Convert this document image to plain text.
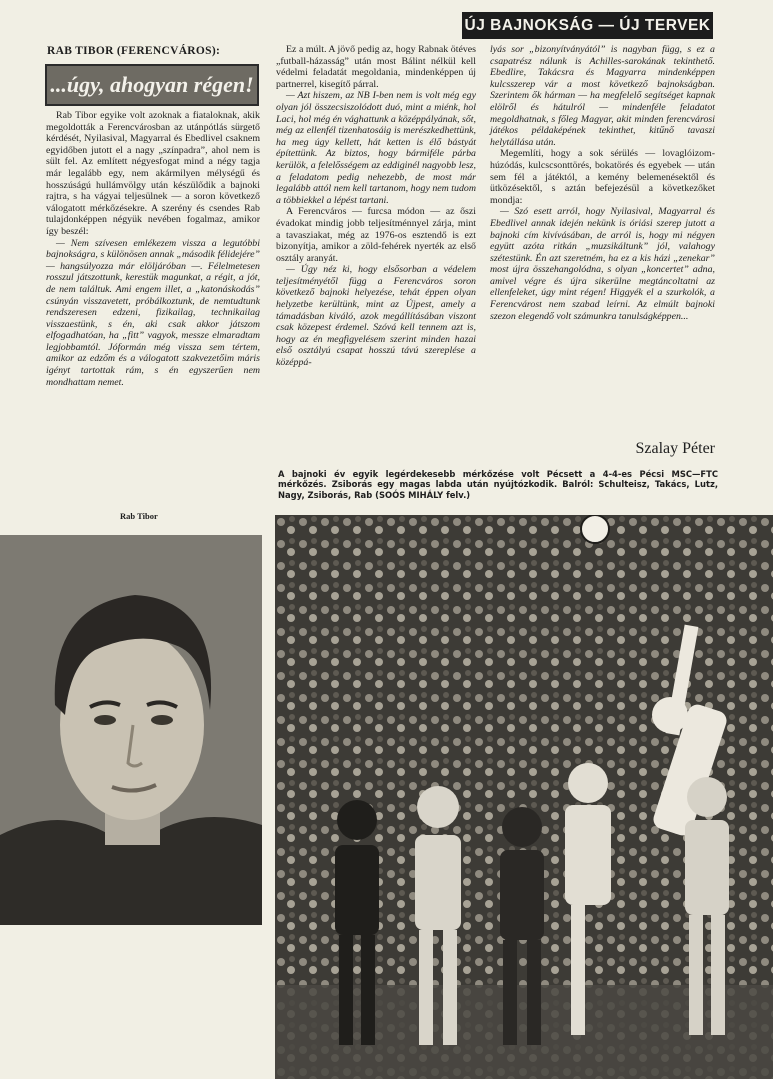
ÚJ BAJNOKSÁG — ÚJ TERVEK
RAB TIBOR (FERENCVÁROS):
...úgy, ahogyan régen!

Rab Tibor egyike volt azoknak a fiataloknak, akik megoldották a Ferencvárosban az utánpótlás sürgető kérdését, Nyilasival, Magyarral és Ebedlivel csaknem egyidőben jutott el a nagy „színpadra”, ahol nem is sült fel. Az említett négyesfogat mind a négy tagja már legalább egy, nem akármilyen mélységű és hosszúságú hullámvölgy után készülődik a bajnoki rajtra, s ha vágyai teljesülnek — a soron következő válogatott mérkőzésekre. A szerény és csendes Rab tulajdonképpen négyük nevében fogalmaz, amikor így beszél:

— Nem szívesen emlékezem vissza a legutóbbi bajnokságra, s különösen annak „második félidejére” — hangsúlyozza már elöljáróban —. Félelmetesen rosszul játszottunk, kerestük magunkat, a régit, a jót, de nem találtuk. Ami engem illet, a „katonáskodás” csúnyán visszavetett, próbálkoztunk, de nemtudtunk rendszeresen edzeni, fizikailag, technikailag visszaestünk, s én, aki csak akkor játszom elfogadhatóan, ha „fitt” vagyok, messze elmaradtam legjobbamtól. Jóformán még vissza sem tértem, amikor az edzőm és a válogatott szakvezetőim máris igényt tartottak rám, s én egyszerűen nem mondhattam nemet.

Ez a múlt. A jövő pedig az, hogy Rabnak ötéves „futball-házasság” után most Bálint nélkül kell védelmi feladatát megoldania, mindenképpen új partnerrel, kisegítő párral.

— Azt hiszem, az NB I-ben nem is volt még egy olyan jól összecsiszolódott duó, mint a miénk, hol Laci, hol még én vághattunk a középpályának, sőt, még az ellenfél tizenhatosáig is merészkedhettünk, ha meg úgy kellett, hát ketten is élő bástyát építettünk. Az biztos, hogy bármiféle párba kerülök, a felelősségem az eddiginél nagyobb lesz, a feladatom pedig nehezebb, de most már legalább attól nem kell tartanom, hogy nem tudom a többiekkel a lépést tartani.

A Ferencváros — furcsa módon — az őszi évadokat mindig jobb teljesítménnyel zárja, mint a tavasziakat, még az 1976-os esztendő is ezt bizonyítja, amikor a zöld-fehérek nyerték az első osztály aranyát.

— Úgy néz ki, hogy elsősorban a védelem teljesítményétől függ a Ferencváros soron következő bajnoki helyezése, tehát éppen olyan helyzetbe kerültünk, mint az Újpest, amely a támadásban kiváló, azok megállításában viszont csak közepest érdemel. Szóvá kell tennem azt is, hogy az én megfigyelésem szerint minden hazai első osztályú csapat hosszú távú szereplése a középpá-

lyás sor „bizonyítványától” is nagyban függ, s ez a csapatrész nálunk is Achilles-sarokának tekinthető. Ebedlire, Takácsra és Magyarra mindenképpen kulcsszerep vár a most következő bajnokságban. Szerintem ők hárman — ha megfelelő segítséget kapnak elölről és hátulról — mindenféle feladatot megoldhatnak, s főleg Magyar, akit minden ferencvárosi játékos példaképének tekinthet, kitűnő tavaszi helytállása után.

Megemlíti, hogy a sok sérülés — lovaglóizom-húzódás, kulcscsonttörés, bokatörés és egyebek — után sem fél a játéktól, a kemény belemenésektől és ütközésektől, s aztán befejezésül a következőket mondja:

— Szó esett arról, hogy Nyilasival, Magyarral és Ebedlivel annak idején nekünk is óriási szerep jutott a bajnoki cím kivívásában, de arról is, hogy mi négyen együtt azóta ritkán „muzsikáltunk” jól, valahogy szétestünk. Én azt szeretném, ha ez a kis házi „zenekar” most újra összehangolódna, s olyan „koncertet” adna, amivel végre és újra sikerülne megtáncoltatni az ellenfeleket, úgy mint régen! Higgyék el a szurkolók, a Ferencvárost nem szabad leírni. Az elmúlt bajnoki szezon elegendő volt számunkra tanulságképpen...

Szalay Péter
A bajnoki év egyik legérdekesebb mérkőzése volt Pécsett a 4-4-es Pécsi MSC—FTC mérkőzés. Zsiborás egy magas labda után nyújtózkodik. Balról: Schulteisz, Takács, Lutz, Nagy, Zsiborás, Rab (SOÓS MIHÁLY felv.)
Rab Tibor
